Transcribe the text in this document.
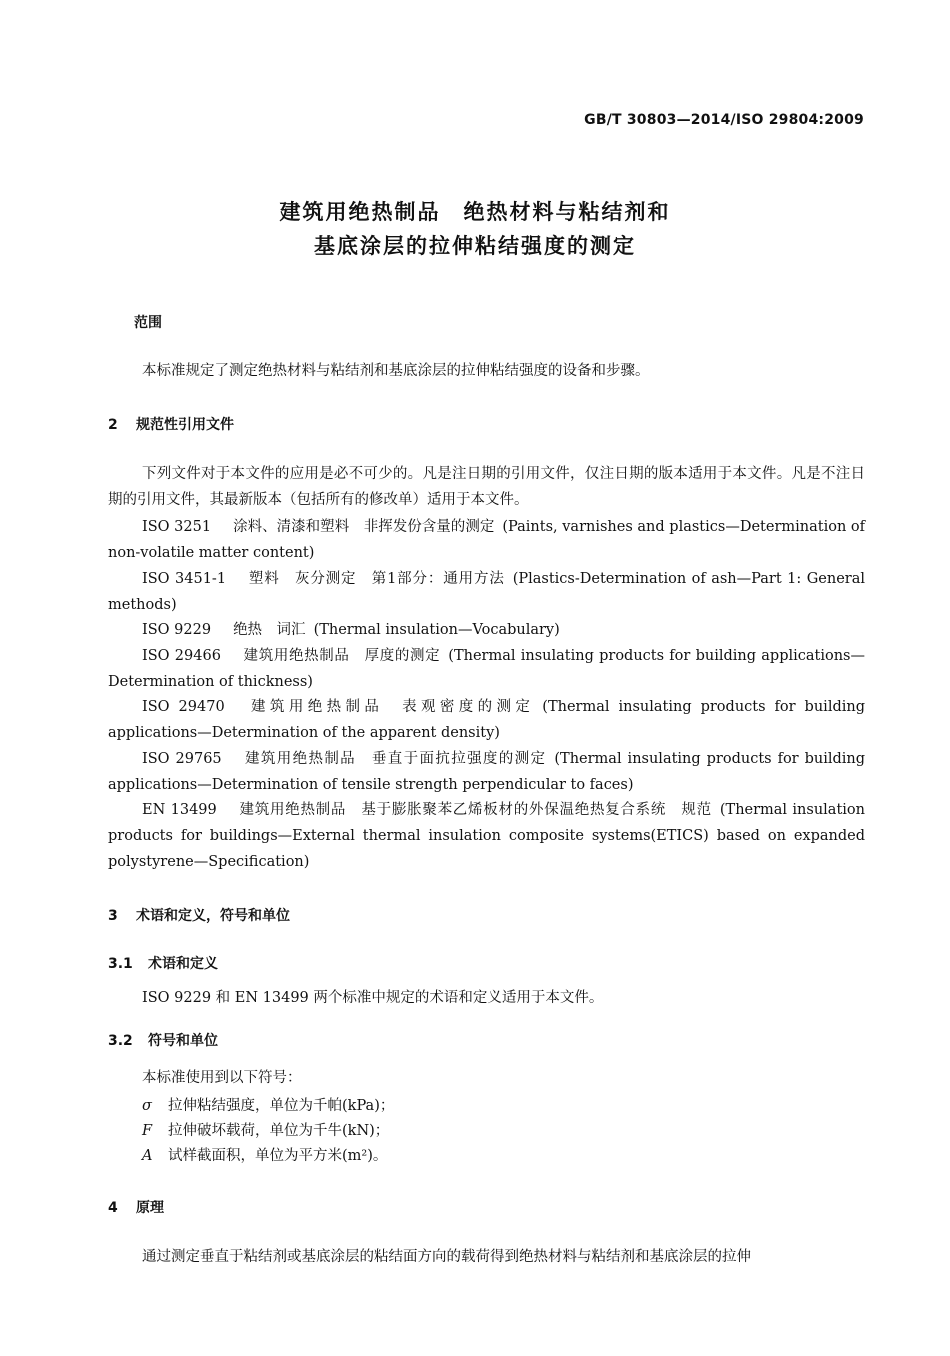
GB/T 30803—2014/ISO 29804:2009
建筑用绝热制品　绝热材料与粘结剂和
基底涂层的拉伸粘结强度的测定
范围
本标准规定了测定绝热材料与粘结剂和基底涂层的拉伸粘结强度的设备和步骤。
2 规范性引用文件
下列文件对于本文件的应用是必不可少的。凡是注日期的引用文件，仅注日期的版本适用于本文件。凡是不注日期的引用文件，其最新版本（包括所有的修改单）适用于本文件。
ISO 3251 涂料、清漆和塑料　非挥发份含量的测定 (Paints, varnishes and plastics—Determination of non-volatile matter content)
ISO 3451-1 塑料　灰分测定　第1部分：通用方法 (Plastics-Determination of ash—Part 1: General methods)
ISO 9229 绝热　词汇 (Thermal insulation—Vocabulary)
ISO 29466 建筑用绝热制品　厚度的测定 (Thermal insulating products for building applications—Determination of thickness)
ISO 29470 建筑用绝热制品　表观密度的测定 (Thermal insulating products for building applications—Determination of the apparent density)
ISO 29765 建筑用绝热制品　垂直于面抗拉强度的测定 (Thermal insulating products for building applications—Determination of tensile strength perpendicular to faces)
EN 13499 建筑用绝热制品　基于膨胀聚苯乙烯板材的外保温绝热复合系统　规范 (Thermal insulation products for buildings—External thermal insulation composite systems(ETICS) based on expanded polystyrene—Specification)
3 术语和定义，符号和单位
3.1 术语和定义
ISO 9229 和 EN 13499 两个标准中规定的术语和定义适用于本文件。
3.2 符号和单位
本标准使用到以下符号：
σ 拉伸粘结强度，单位为千帕(kPa)；
F 拉伸破坏载荷，单位为千牛(kN)；
A 试样截面积，单位为平方米(m²)。
4 原理
通过测定垂直于粘结剂或基底涂层的粘结面方向的载荷得到绝热材料与粘结剂和基底涂层的拉伸
